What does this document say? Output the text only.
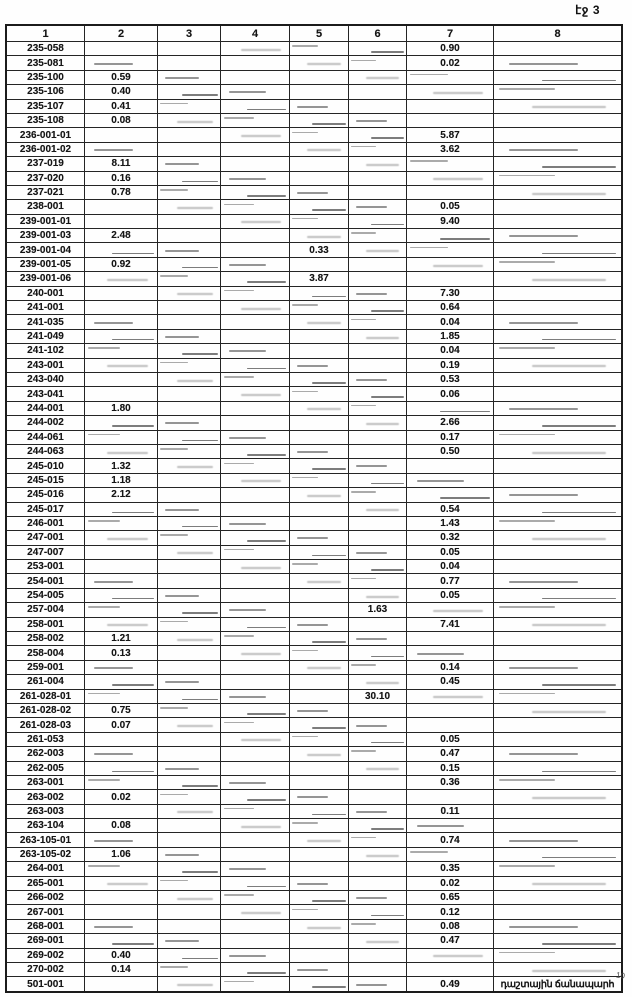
էջ 3
1	2	3	4	5	6	7	8
235-058						0.90	
235-081						0.02	
235-100	0.59						
235-106	0.40						
235-107	0.41						
235-108	0.08						
236-001-01						5.87	
236-001-02						3.62	
237-019	8.11						
237-020	0.16						
237-021	0.78						
238-001						0.05	
239-001-01						9.40	
239-001-03	2.48						
239-001-04				0.33			
239-001-05	0.92						
239-001-06				3.87			
240-001						7.30	
241-001						0.64	
241-035						0.04	
241-049						1.85	
241-102						0.04	
243-001						0.19	
243-040						0.53	
243-041						0.06	
244-001	1.80						
244-002						2.66	
244-061						0.17	
244-063						0.50	
245-010	1.32						
245-015	1.18						
245-016	2.12						
245-017						0.54	
246-001						1.43	
247-001						0.32	
247-007						0.05	
253-001						0.04	
254-001						0.77	
254-005						0.05	
257-004					1.63		
258-001						7.41	
258-002	1.21						
258-004	0.13						
259-001						0.14	
261-004						0.45	
261-028-01					30.10		
261-028-02	0.75						
261-028-03	0.07						
261-053						0.05	
262-003						0.47	
262-005						0.15	
263-001						0.36	
263-002	0.02						
263-003						0.11	
263-104	0.08						
263-105-01						0.74	
263-105-02	1.06						
264-001						0.35	
265-001						0.02	
266-002						0.65	
267-001						0.12	
268-001						0.08	
269-001						0.47	
269-002	0.40						
270-002	0.14						
501-001						0.49	դաշտային ճանապարհ
10
